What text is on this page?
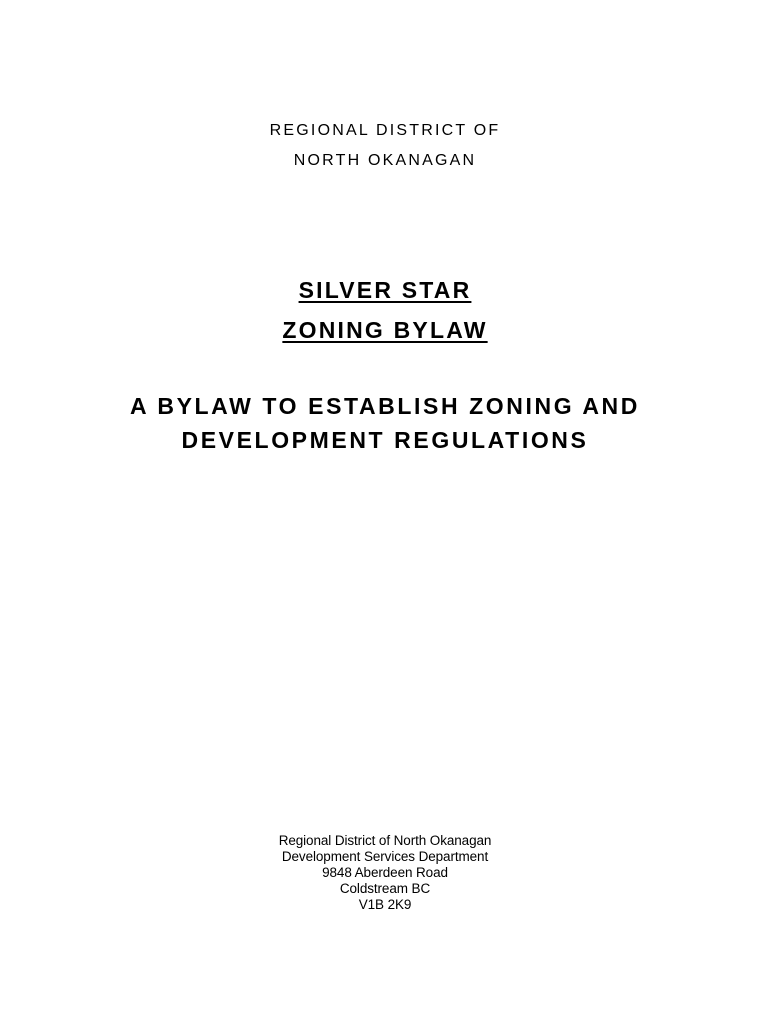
REGIONAL DISTRICT OF
NORTH OKANAGAN
SILVER STAR
ZONING BYLAW
A BYLAW TO ESTABLISH ZONING AND
DEVELOPMENT REGULATIONS
Regional District of North Okanagan
Development Services Department
9848 Aberdeen Road
Coldstream BC
V1B 2K9
